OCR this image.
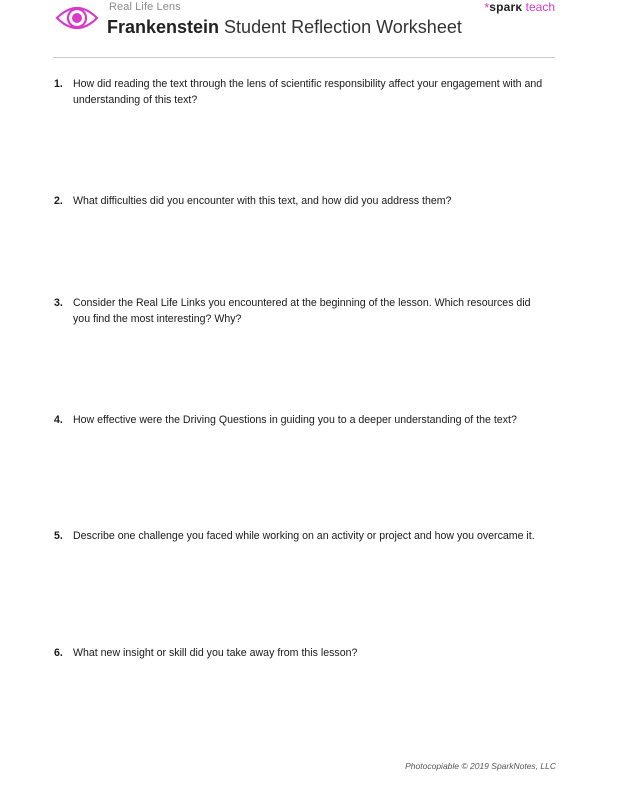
Real Life Lens
Frankenstein Student Reflection Worksheet
*sparκ teach
1. How did reading the text through the lens of scientific responsibility affect your engagement with and understanding of this text?
2. What difficulties did you encounter with this text, and how did you address them?
3. Consider the Real Life Links you encountered at the beginning of the lesson. Which resources did you find the most interesting? Why?
4. How effective were the Driving Questions in guiding you to a deeper understanding of the text?
5. Describe one challenge you faced while working on an activity or project and how you overcame it.
6. What new insight or skill did you take away from this lesson?
Photocopiable © 2019 SparkNotes, LLC
